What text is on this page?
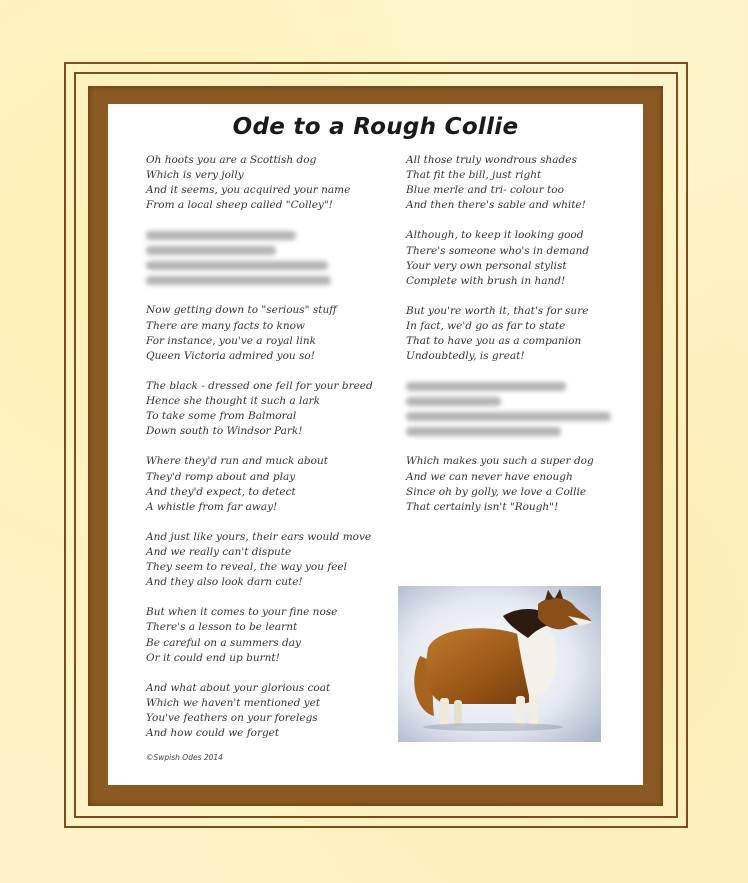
Ode to a Rough Collie
Oh hoots you are a Scottish dog
Which is very jolly
And it seems, you acquired your name
From a local sheep called "Colley"!
Now getting down to "serious" stuff
There are many facts to know
For instance, you've a royal link
Queen Victoria admired you so!
The black - dressed one fell for your breed
Hence she thought it such a lark
To take some from Balmoral
Down south to Windsor Park!
Where they'd run and muck about
They'd romp about and play
And they'd expect, to detect
A whistle from far away!
And just like yours, their ears would move
And we really can't dispute
They seem to reveal, the way you feel
And they also look darn cute!
But when it comes to your fine nose
There's a lesson to be learnt
Be careful on a summers day
Or it could end up burnt!
And what about your glorious coat
Which we haven't mentioned yet
You've feathers on your forelegs
And how could we forget
All those truly wondrous shades
That fit the bill, just right
Blue merle and tri- colour too
And then there's sable and white!
Although, to keep it looking good
There's someone who's in demand
Your very own personal stylist
Complete with brush in hand!
But you're worth it, that's for sure
In fact, we'd go as far to state
That to have you as a companion
Undoubtedly, is great!
Which makes you such a super dog
And we can never have enough
Since oh by golly, we love a Collie
That certainly isn't "Rough"!
©Swpish Odes 2014
